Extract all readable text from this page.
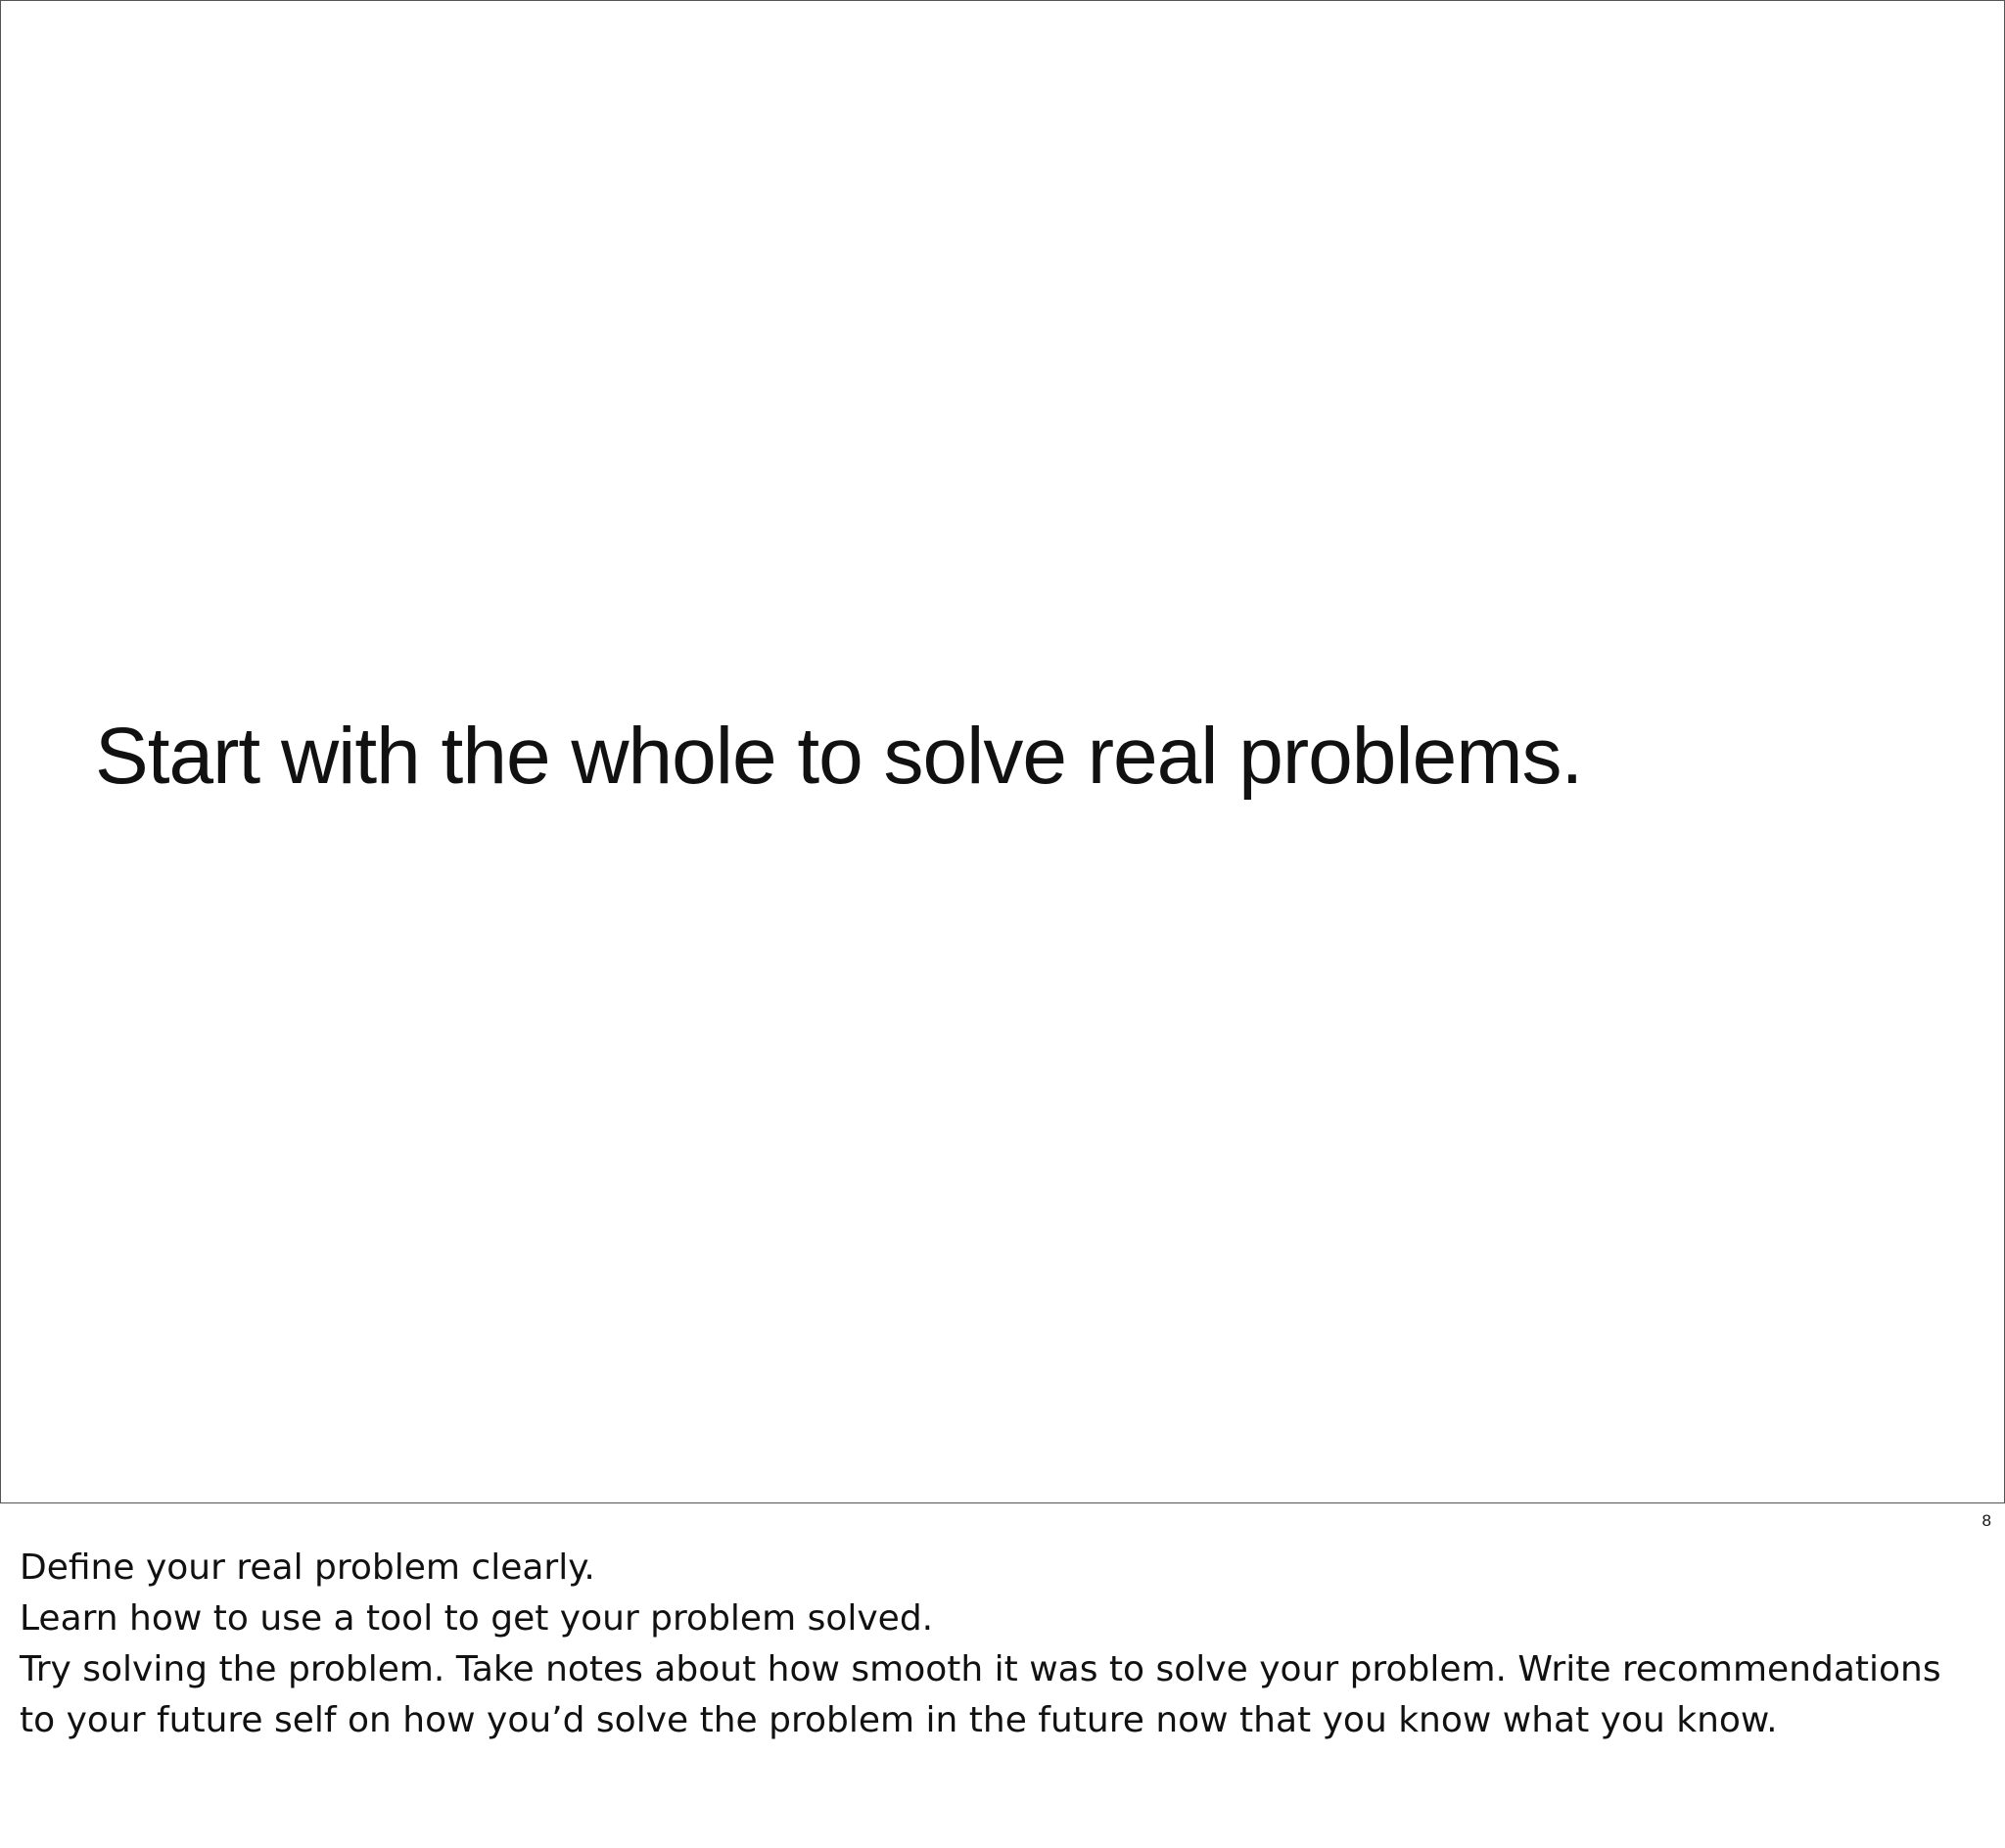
Start with the whole to solve real problems.
8

Define your real problem clearly.

Learn how to use a tool to get your problem solved.

Try solving the problem. Take notes about how smooth it was to solve your problem. Write recommendations to your future self on how you’d solve the problem in the future now that you know what you know.
